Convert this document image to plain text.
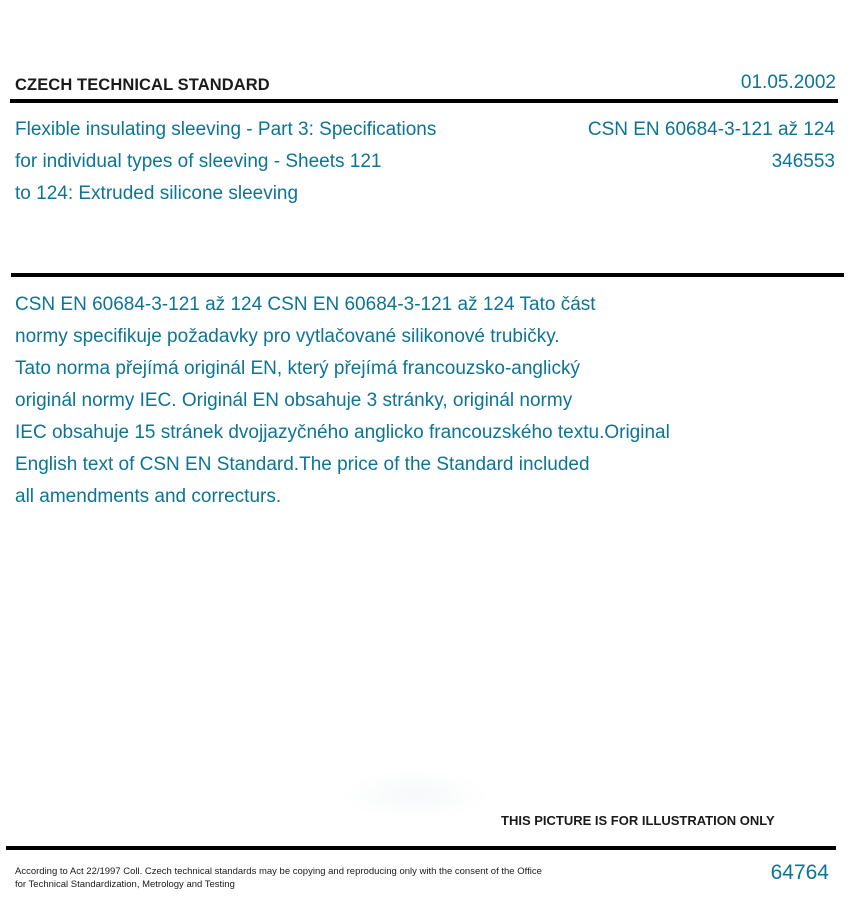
CZECH TECHNICAL STANDARD	01.05.2002
Flexible insulating sleeving - Part 3: Specifications
for individual types of sleeving - Sheets 121
to 124: Extruded silicone sleeving
CSN EN 60684-3-121 až 124
346553
CSN EN 60684-3-121 až 124 CSN EN 60684-3-121 až 124 Tato část
normy specifikuje požadavky pro vytlačované silikonové trubičky.
Tato norma přejímá originál EN, který přejímá francouzsko-anglický
originál normy IEC. Originál EN obsahuje 3 stránky, originál normy
IEC obsahuje 15 stránek dvojjazyčného anglicko francouzského textu.Original
English text of CSN EN Standard.The price of the Standard included
all amendments and correcturs.
THIS PICTURE IS FOR ILLUSTRATION ONLY
According to Act 22/1997 Coll. Czech technical standards may be copying and reproducing only with the consent of the Office
for Technical Standardization, Metrology and Testing
64764
